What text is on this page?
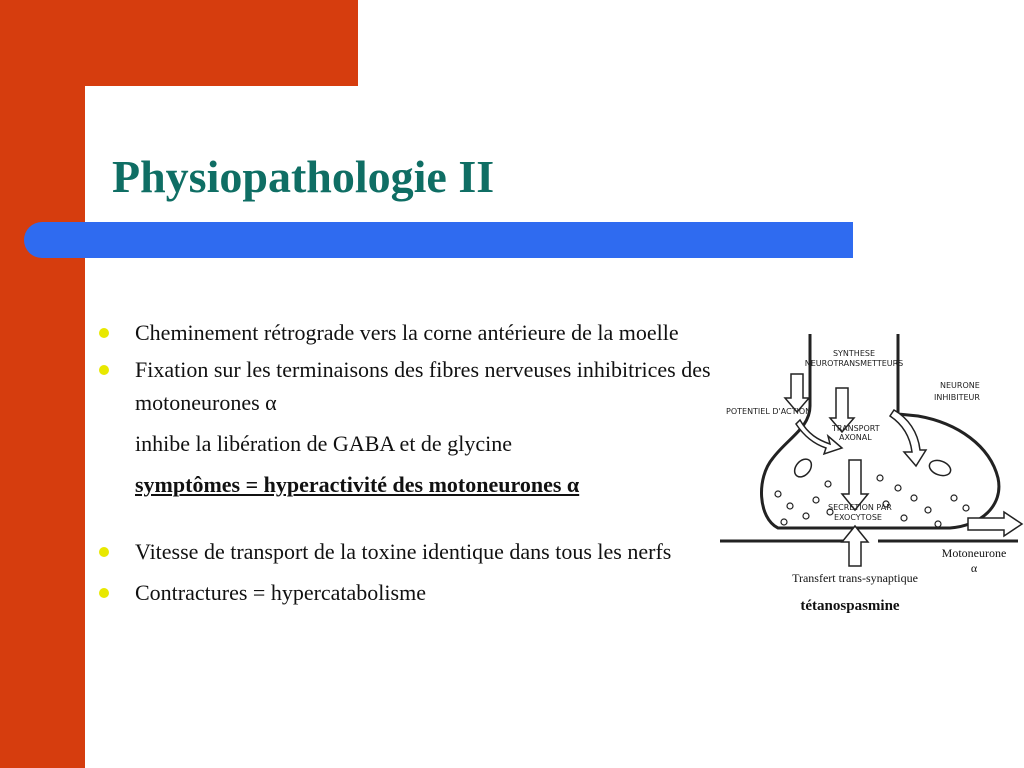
Physiopathologie II
Cheminement rétrograde vers la corne antérieure de la moelle
Fixation sur les terminaisons des fibres nerveuses inhibitrices des motoneurones α
inhibe la libération de GABA et de glycine
symptômes = hyperactivité des motoneurones α
Vitesse de transport de la toxine identique dans tous les nerfs
Contractures = hypercatabolisme
SYNTHESE
NEUROTRANSMETTEURS
POTENTIEL D'ACTION
TRANSPORT
AXONAL
NEURONE
INHIBITEUR
SECRETION PAR
EXOCYTOSE
Motoneurone
α
Transfert trans-synaptique
tétanospasmine
